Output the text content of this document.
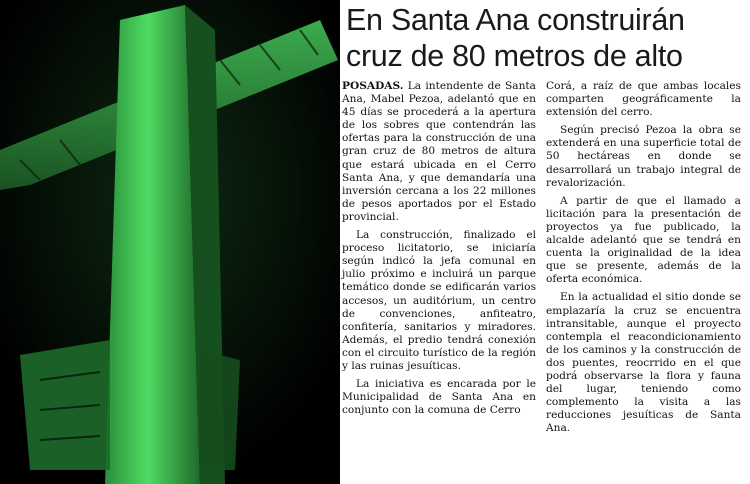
En Santa Ana construirán
cruz de 80 metros de alto

POSADAS. La intendente de Santa Ana, Mabel Pezoa, adelantó que en 45 días se procederá a la apertura de los sobres que contendrán las ofertas para la construcción de una gran cruz de 80 metros de altura que estará ubicada en el Cerro Santa Ana, y que demandaría una inversión cercana a los 22 millones de pesos aportados por el Estado provincial.

La construcción, finalizado el proceso licitatorio, se iniciaría según indicó la jefa comunal en julio próximo e incluirá un parque temático donde se edificarán varios accesos, un auditórium, un centro de convenciones, anfiteatro, confitería, sanitarios y miradores. Además, el predio tendrá conexión con el circuito turístico de la región y las ruinas jesuíticas.

La iniciativa es encarada por le Municipalidad de Santa Ana en conjunto con la comuna de Cerro

Corá, a raíz de que ambas locales comparten geográficamente la extensión del cerro.

Según precisó Pezoa la obra se extenderá en una superficie total de 50 hectáreas en donde se desarrollará un trabajo integral de revalorización.

A partir de que el llamado a licitación para la presentación de proyectos ya fue publicado, la alcalde adelantó que se tendrá en cuenta la originalidad de la idea que se presente, además de la oferta económica.

En la actualidad el sitio donde se emplazaría la cruz se encuentra intransitable, aunque el proyecto contempla el reacondicionamiento de los caminos y la construcción de dos puentes, reocrrido en el que podrá observarse la flora y fauna del lugar, teniendo como complemento la visita a las reducciones jesuíticas de Santa Ana.
